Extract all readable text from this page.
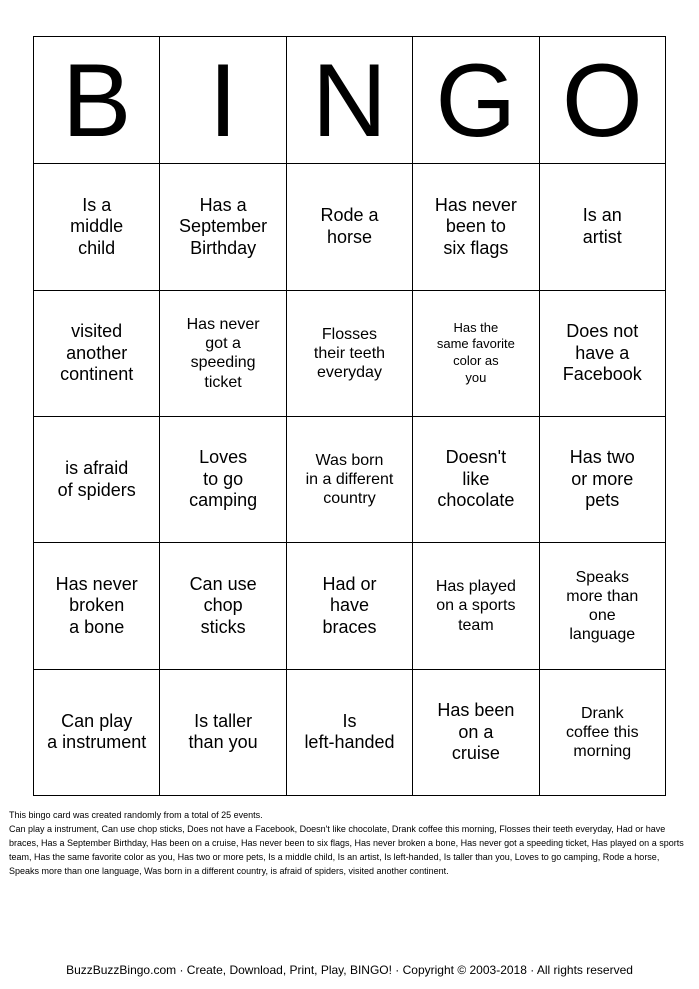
B	I	N	G	O

Is a
middle
child	Has a
September
Birthday	Rode a
horse	Has never
been to
six flags	Is an
artist

visited
another
continent	Has never
got a
speeding
ticket	Flosses
their teeth
everyday	Has the
same favorite
color as
you	Does not
have a
Facebook

is afraid
of spiders	Loves
to go
camping	Was born
in a different
country	Doesn't
like
chocolate	Has two
or more
pets

Has never
broken
a bone	Can use
chop
sticks	Had or
have
braces	Has played
on a sports
team	Speaks
more than
one
language

Can play
a instrument	Is taller
than you	Is
left-handed	Has been
on a
cruise	Drank
coffee this
morning

This bingo card was created randomly from a total of 25 events.

Can play a instrument, Can use chop sticks, Does not have a Facebook, Doesn't like chocolate, Drank coffee this morning, Flosses their teeth everyday, Had or have braces, Has a September Birthday, Has been on a cruise, Has never been to six flags, Has never broken a bone, Has never got a speeding ticket, Has played on a sports team, Has the same favorite color as you, Has two or more pets, Is a middle child, Is an artist, Is left-handed, Is taller than you, Loves to go camping, Rode a horse, Speaks more than one language, Was born in a different country, is afraid of spiders, visited another continent.

BuzzBuzzBingo.com · Create, Download, Print, Play, BINGO! · Copyright © 2003-2018 · All rights reserved
